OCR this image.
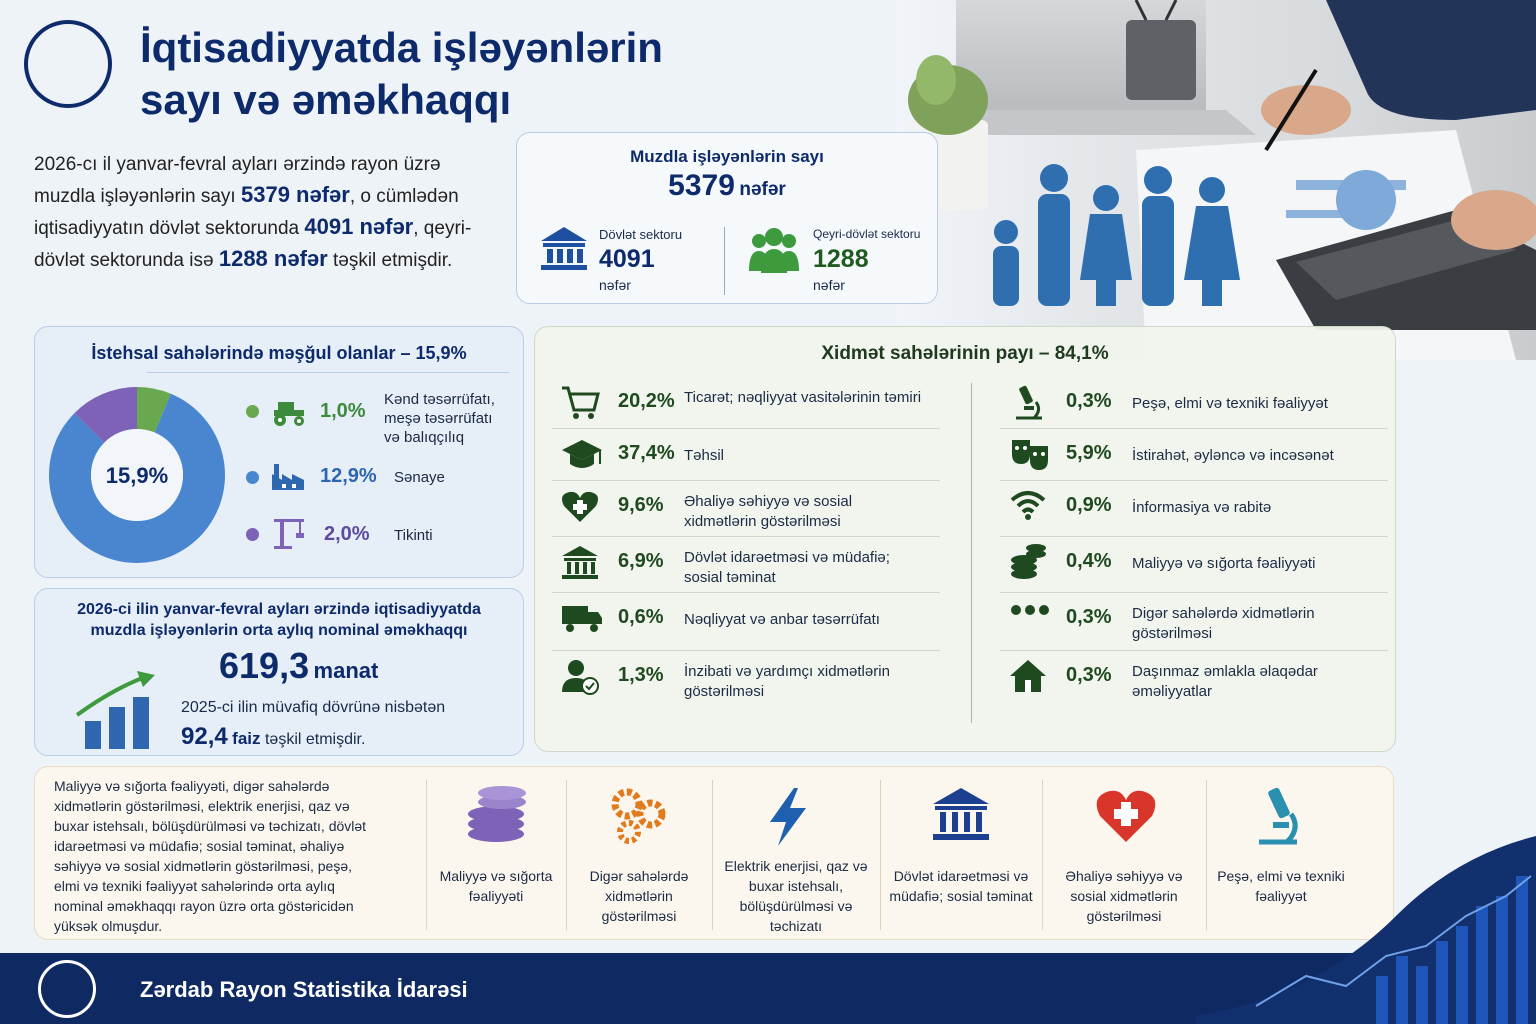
İqtisadiyyatda işləyənlərin
sayı və əməkhaqqı
2026-cı il yanvar-fevral ayları ərzində rayon üzrə muzdla işləyənlərin sayı 5379 nəfər, o cümlədən iqtisadiyyatın dövlət sektorunda 4091 nəfər, qeyri-dövlət sektorunda isə 1288 nəfər təşkil etmişdir.
Muzdla işləyənlərin sayı
5379 nəfər
Dövlət sektoru
4091
nəfər
Qeyri-dövlət sektoru
1288
nəfər
İstehsal sahələrində məşğul olanlar – 15,9%
15,9%
1,0%
Kənd təsərrüfatı, meşə təsərrüfatı və balıqçılıq
12,9% Sənaye
2,0% Tikinti
2026-ci ilin yanvar-fevral ayları ərzində iqtisadiyyatda
muzdla işləyənlərin orta aylıq nominal əməkhaqqı
619,3 manat
2025-ci ilin müvafiq dövrünə nisbətən
92,4 faiz təşkil etmişdir.
Xidmət sahələrinin payı – 84,1%
20,2% Ticarət; nəqliyyat vasitələrinin təmiri
37,4% Təhsil
9,6% Əhaliyə səhiyyə və sosial xidmətlərin göstərilməsi
6,9% Dövlət idarəetməsi və müdafiə; sosial təminat
0,6% Nəqliyyat və anbar təsərrüfatı
1,3% İnzibati və yardımçı xidmətlərin göstərilməsi
0,3% Peşə, elmi və texniki fəaliyyət
5,9% İstirahət, əyləncə və incəsənət
0,9% İnformasiya və rabitə
0,4% Maliyyə və sığorta fəaliyyəti
0,3% Digər sahələrdə xidmətlərin göstərilməsi
0,3% Daşınmaz əmlakla əlaqədar əməliyyatlar
Maliyyə və sığorta fəaliyyəti, digər sahələrdə xidmətlərin göstərilməsi, elektrik enerjisi, qaz və buxar istehsalı, bölüşdürülməsi və təchizatı, dövlət idarəetməsi və müdafiə; sosial təminat, əhaliyə səhiyyə və sosial xidmətlərin göstərilməsi, peşə, elmi və texniki fəaliyyət sahələrində orta aylıq nominal əməkhaqqı rayon üzrə orta göstəricidən yüksək olmuşdur.
Maliyyə və sığorta fəaliyyəti
Digər sahələrdə xidmətlərin göstərilməsi
Elektrik enerjisi, qaz və buxar istehsalı, bölüşdürülməsi və təchizatı
Dövlət idarəetməsi və müdafiə; sosial təminat
Əhaliyə səhiyyə və sosial xidmətlərin göstərilməsi
Peşə, elmi və texniki fəaliyyət
Zərdab Rayon Statistika İdarəsi
